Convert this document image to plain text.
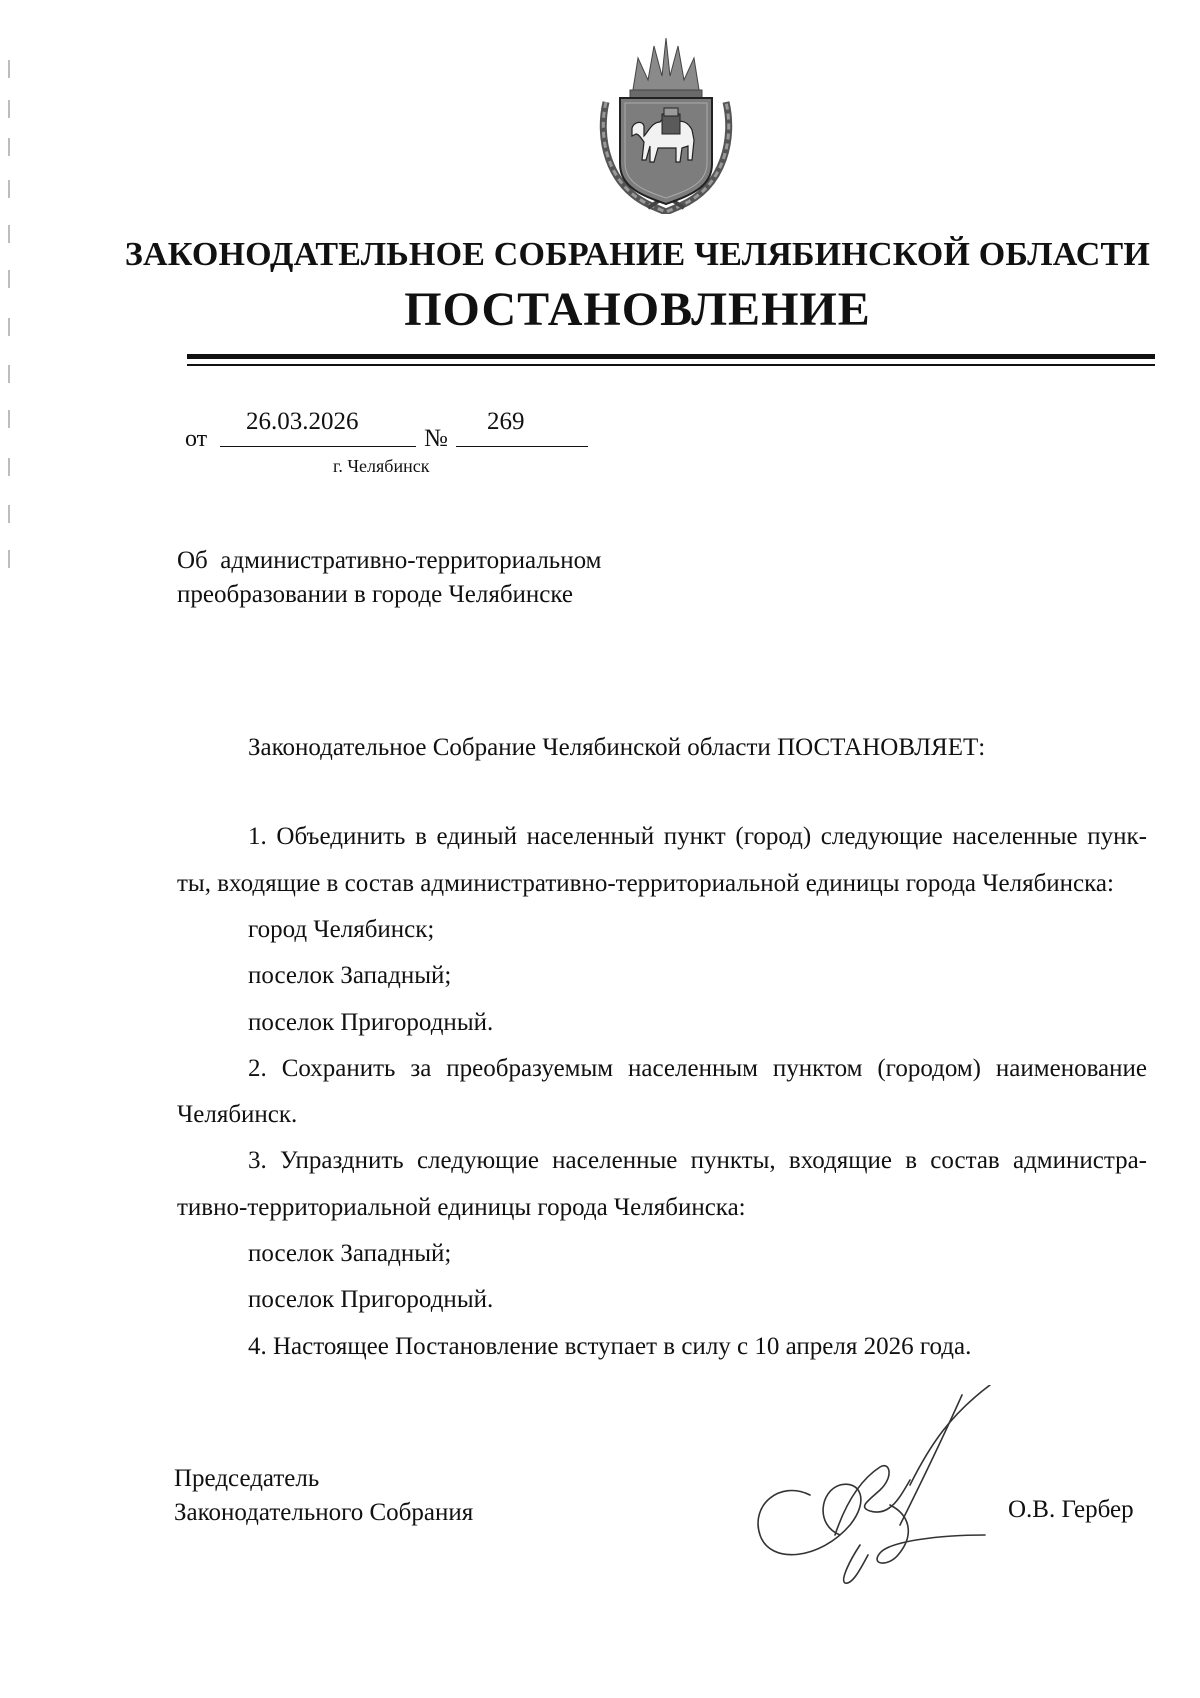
ЗАКОНОДАТЕЛЬНОЕ СОБРАНИЕ ЧЕЛЯБИНСКОЙ ОБЛАСТИ
ПОСТАНОВЛЕНИЕ
от
26.03.2026
№
269
г. Челябинск
Об  административно-территориальном
преобразовании в городе Челябинске
Законодательное Собрание Челябинской области ПОСТАНОВЛЯЕТ:
1. Объединить в единый населенный пункт (город) следующие населенные пунк-
ты, входящие в состав административно-территориальной единицы города Челябинска:
город Челябинск;
поселок Западный;
поселок Пригородный.
2. Сохранить за преобразуемым населенным пунктом (городом) наименование
Челябинск.
3. Упразднить следующие населенные пункты, входящие в состав администра-
тивно-территориальной единицы города Челябинска:
поселок Западный;
поселок Пригородный.
4. Настоящее Постановление вступает в силу с 10 апреля 2026 года.
Председатель
Законодательного Собрания	О.В. Гербер
